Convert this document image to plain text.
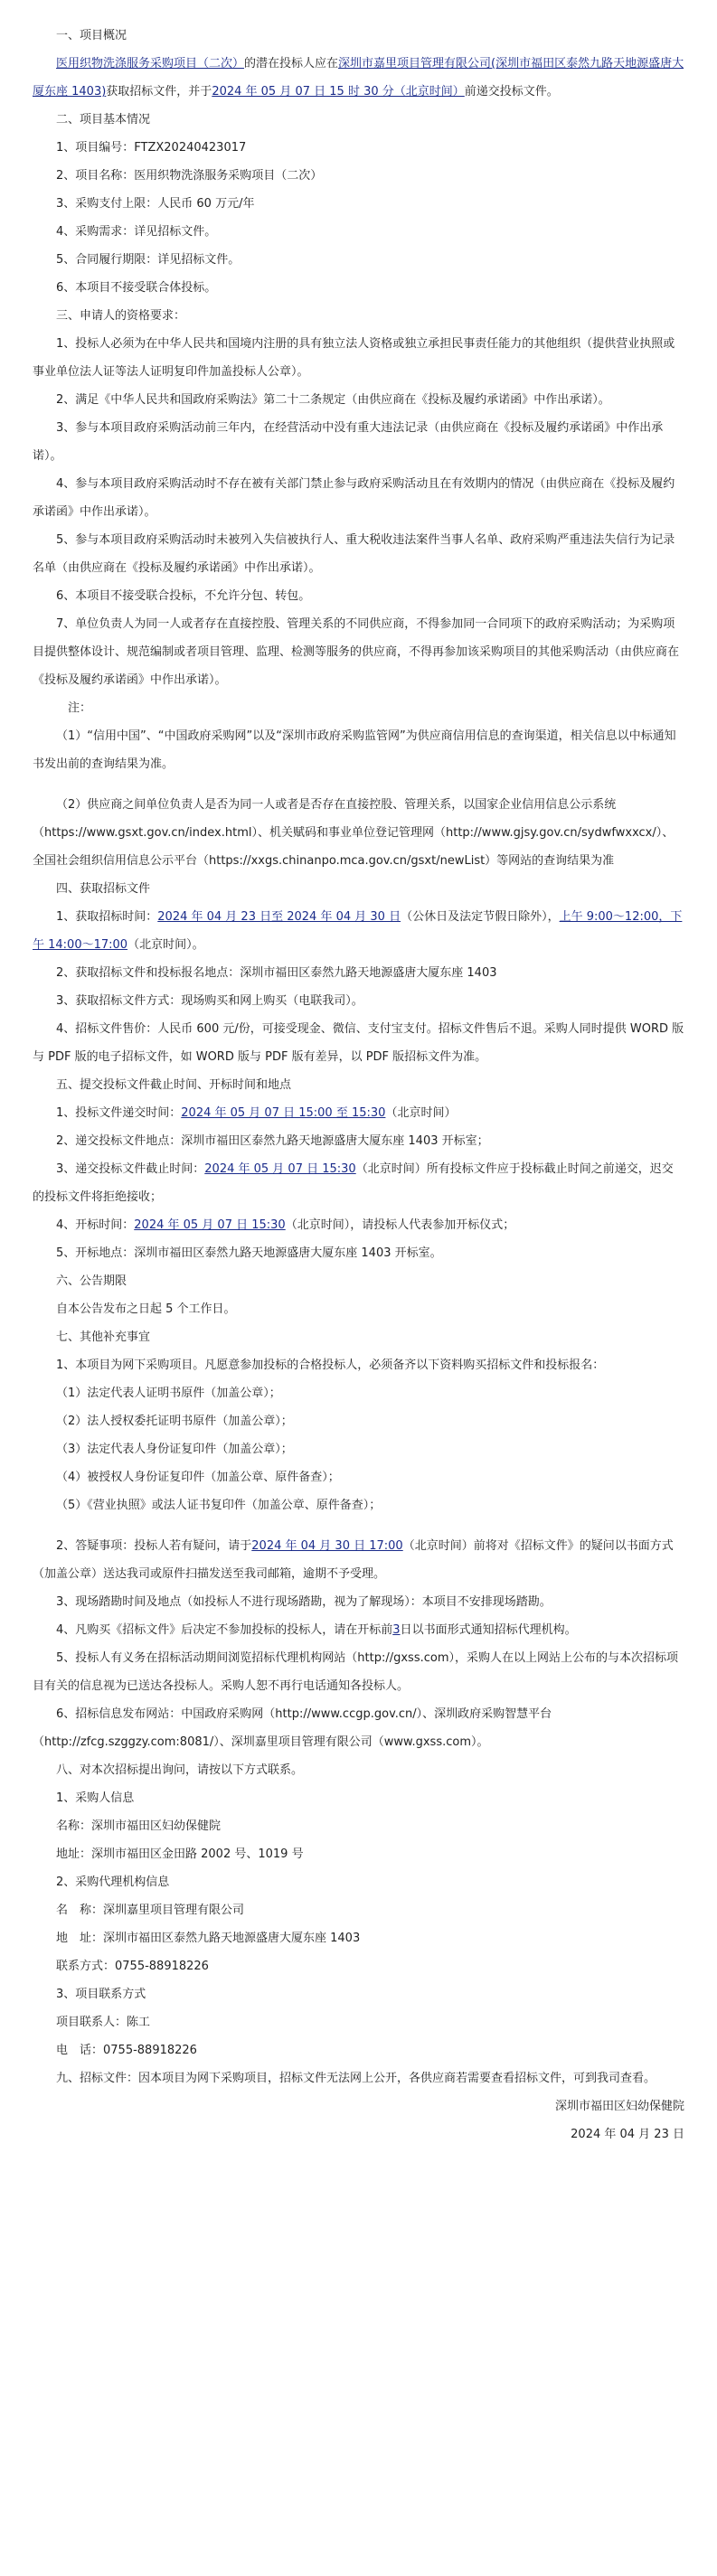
一、项目概况

医用织物洗涤服务采购项目（二次）的潜在投标人应在深圳市嘉里项目管理有限公司(深圳市福田区泰然九路天地源盛唐大厦东座 1403)获取招标文件，并于2024 年 05 月 07 日 15 时 30 分（北京时间）前递交投标文件。

二、项目基本情况

1、项目编号：FTZX20240423017

2、项目名称：医用织物洗涤服务采购项目（二次）

3、采购支付上限：人民币 60 万元/年

4、采购需求：详见招标文件。

5、合同履行期限：详见招标文件。

6、本项目不接受联合体投标。

三、申请人的资格要求：

1、投标人必须为在中华人民共和国境内注册的具有独立法人资格或独立承担民事责任能力的其他组织（提供营业执照或事业单位法人证等法人证明复印件加盖投标人公章）。

2、满足《中华人民共和国政府采购法》第二十二条规定（由供应商在《投标及履约承诺函》中作出承诺）。

3、参与本项目政府采购活动前三年内，在经营活动中没有重大违法记录（由供应商在《投标及履约承诺函》中作出承诺）。

4、参与本项目政府采购活动时不存在被有关部门禁止参与政府采购活动且在有效期内的情况（由供应商在《投标及履约承诺函》中作出承诺）。

5、参与本项目政府采购活动时未被列入失信被执行人、重大税收违法案件当事人名单、政府采购严重违法失信行为记录名单（由供应商在《投标及履约承诺函》中作出承诺）。

6、本项目不接受联合投标，不允许分包、转包。

7、单位负责人为同一人或者存在直接控股、管理关系的不同供应商，不得参加同一合同项下的政府采购活动；为采购项目提供整体设计、规范编制或者项目管理、监理、检测等服务的供应商，不得再参加该采购项目的其他采购活动（由供应商在《投标及履约承诺函》中作出承诺）。

注：

（1）“信用中国”、“中国政府采购网”以及“深圳市政府采购监管网”为供应商信用信息的查询渠道，相关信息以中标通知书发出前的查询结果为准。

（2）供应商之间单位负责人是否为同一人或者是否存在直接控股、管理关系，以国家企业信用信息公示系统（https://www.gsxt.gov.cn/index.html）、机关赋码和事业单位登记管理网（http://www.gjsy.gov.cn/sydwfwxxcx/）、全国社会组织信用信息公示平台（https://xxgs.chinanpo.mca.gov.cn/gsxt/newList）等网站的查询结果为准

四、获取招标文件

1、获取招标时间：2024 年 04 月 23 日至 2024 年 04 月 30 日（公休日及法定节假日除外），上午 9:00～12:00，下午 14:00～17:00（北京时间）。

2、获取招标文件和投标报名地点：深圳市福田区泰然九路天地源盛唐大厦东座 1403

3、获取招标文件方式：现场购买和网上购买（电联我司）。

4、招标文件售价：人民币 600 元/份，可接受现金、微信、支付宝支付。招标文件售后不退。采购人同时提供 WORD 版与 PDF 版的电子招标文件，如 WORD 版与 PDF 版有差异，以 PDF 版招标文件为准。

五、提交投标文件截止时间、开标时间和地点

1、投标文件递交时间：2024 年 05 月 07 日 15:00 至 15:30（北京时间）

2、递交投标文件地点：深圳市福田区泰然九路天地源盛唐大厦东座 1403 开标室；

3、递交投标文件截止时间：2024 年 05 月 07 日 15:30（北京时间）所有投标文件应于投标截止时间之前递交，迟交的投标文件将拒绝接收；

4、开标时间：2024 年 05 月 07 日 15:30（北京时间），请投标人代表参加开标仪式；

5、开标地点：深圳市福田区泰然九路天地源盛唐大厦东座 1403 开标室。

六、公告期限

自本公告发布之日起 5 个工作日。

七、其他补充事宜

1、本项目为网下采购项目。凡愿意参加投标的合格投标人，必须备齐以下资料购买招标文件和投标报名：

（1）法定代表人证明书原件（加盖公章）；

（2）法人授权委托证明书原件（加盖公章）；

（3）法定代表人身份证复印件（加盖公章）；

（4）被授权人身份证复印件（加盖公章、原件备查）；

（5）《营业执照》或法人证书复印件（加盖公章、原件备查）；

2、答疑事项：投标人若有疑问，请于2024 年 04 月 30 日 17:00（北京时间）前将对《招标文件》的疑问以书面方式（加盖公章）送达我司或原件扫描发送至我司邮箱，逾期不予受理。

3、现场踏勘时间及地点（如投标人不进行现场踏勘，视为了解现场）：本项目不安排现场踏勘。

4、凡购买《招标文件》后决定不参加投标的投标人，请在开标前3日以书面形式通知招标代理机构。

5、投标人有义务在招标活动期间浏览招标代理机构网站（http://gxss.com），采购人在以上网站上公布的与本次招标项目有关的信息视为已送达各投标人。采购人恕不再行电话通知各投标人。

6、招标信息发布网站：中国政府采购网（http://www.ccgp.gov.cn/）、深圳政府采购智慧平台（http://zfcg.szggzy.com:8081/）、深圳嘉里项目管理有限公司（www.gxss.com）。

八、对本次招标提出询问，请按以下方式联系。

1、采购人信息

名称：深圳市福田区妇幼保健院

地址：深圳市福田区金田路 2002 号、1019 号

2、采购代理机构信息

名　称：深圳嘉里项目管理有限公司

地　址：深圳市福田区泰然九路天地源盛唐大厦东座 1403

联系方式：0755-88918226

3、项目联系方式

项目联系人：陈工

电　话：0755-88918226

九、招标文件：因本项目为网下采购项目，招标文件无法网上公开，各供应商若需要查看招标文件，可到我司查看。

深圳市福田区妇幼保健院

2024 年 04 月 23 日
